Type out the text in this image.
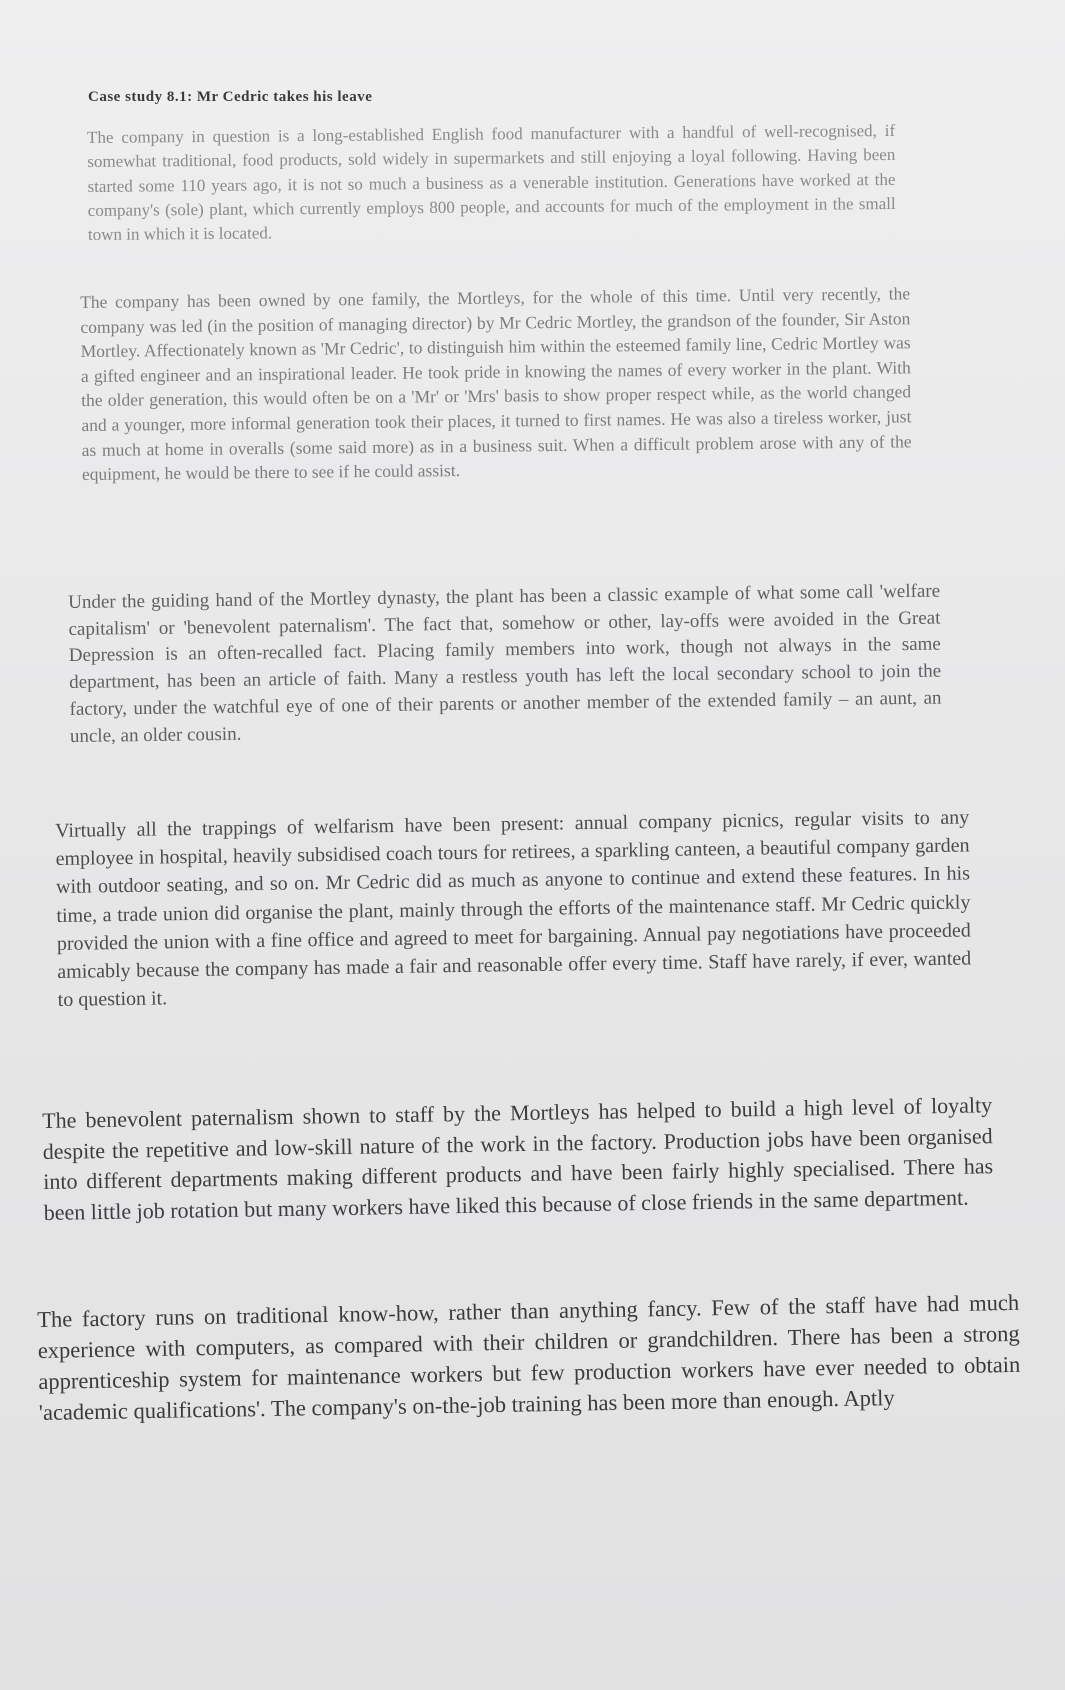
Case study 8.1: Mr Cedric takes his leave

The company in question is a long-established English food manufacturer with a handful of well-recognised, if somewhat traditional, food products, sold widely in supermarkets and still enjoying a loyal following. Having been started some 110 years ago, it is not so much a business as a venerable institution. Generations have worked at the company's (sole) plant, which currently employs 800 people, and accounts for much of the employment in the small town in which it is located.

The company has been owned by one family, the Mortleys, for the whole of this time. Until very recently, the company was led (in the position of managing director) by Mr Cedric Mortley, the grandson of the founder, Sir Aston Mortley. Affectionately known as 'Mr Cedric', to distinguish him within the esteemed family line, Cedric Mortley was a gifted engineer and an inspirational leader. He took pride in knowing the names of every worker in the plant. With the older generation, this would often be on a 'Mr' or 'Mrs' basis to show proper respect while, as the world changed and a younger, more informal generation took their places, it turned to first names. He was also a tireless worker, just as much at home in overalls (some said more) as in a business suit. When a difficult problem arose with any of the equipment, he would be there to see if he could assist.

Under the guiding hand of the Mortley dynasty, the plant has been a classic example of what some call 'welfare capitalism' or 'benevolent paternalism'. The fact that, somehow or other, lay-offs were avoided in the Great Depression is an often-recalled fact. Placing family members into work, though not always in the same department, has been an article of faith. Many a restless youth has left the local secondary school to join the factory, under the watchful eye of one of their parents or another member of the extended family – an aunt, an uncle, an older cousin.

Virtually all the trappings of welfarism have been present: annual company picnics, regular visits to any employee in hospital, heavily subsidised coach tours for retirees, a sparkling canteen, a beautiful company garden with outdoor seating, and so on. Mr Cedric did as much as anyone to continue and extend these features. In his time, a trade union did organise the plant, mainly through the efforts of the maintenance staff. Mr Cedric quickly provided the union with a fine office and agreed to meet for bargaining. Annual pay negotiations have proceeded amicably because the company has made a fair and reasonable offer every time. Staff have rarely, if ever, wanted to question it.

The benevolent paternalism shown to staff by the Mortleys has helped to build a high level of loyalty despite the repetitive and low-skill nature of the work in the factory. Production jobs have been organised into different departments making different products and have been fairly highly specialised. There has been little job rotation but many workers have liked this because of close friends in the same department.

The factory runs on traditional know-how, rather than anything fancy. Few of the staff have had much experience with computers, as compared with their children or grandchildren. There has been a strong apprenticeship system for maintenance workers but few production workers have ever needed to obtain 'academic qualifications'. The company's on-the-job training has been more than enough. Aptly
